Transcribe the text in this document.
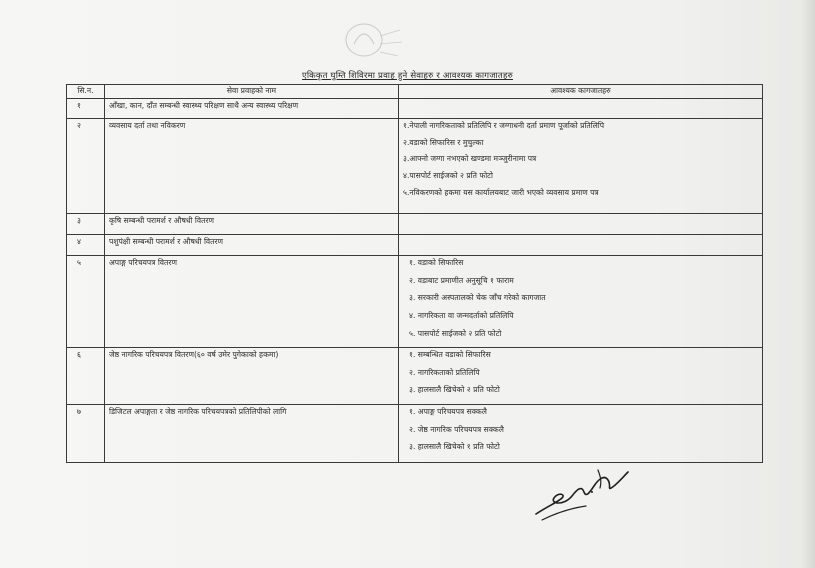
एकिकृत घुम्ति शिविरमा प्रवाह हुने सेवाहरु र आवश्यक कागजातहरु
सि.न.	सेवा प्रवाहको नाम	आवश्यक कागजातहरु
१	आँखा, कान, दाँत सम्बन्धी स्वास्थ्य परिक्षण साथै अन्य स्वास्थ्य परिक्षण	
२	व्यवसाय दर्ता तथा नविकरण	१.नेपाली नागरिकताको प्रतिलिपि र जग्गाधनी दर्ता प्रमाण पूर्जाको प्रतिलिपि
२.वडाको सिफारिस र मुचुल्का
३.आफ्नो जग्गा नभएको खण्डमा मञ्जुरीनामा पत्र
४.पासपोर्ट साईजको २ प्रति फोटो
५.नविकरणको हकमा यस कार्यालयबाट जारी भएको व्यवसाय प्रमाण पत्र

३	कृषि सम्बन्धी परामर्श र औषधी वितरण	
४	पशुपंक्षी सम्बन्धी परामर्श र औषधी वितरण	
५	अपाङ्ग परिचयपत्र वितरण	१. वडाको सिफारिस
२. वडाबाट प्रमाणीत अनुसूचि १ फाराम
३. सरकारी अस्पतालको चेक जाँच गरेको कागजात
४. नागरिकता वा जन्मदर्ताको प्रतिलिपि
५. पासपोर्ट साईजको २ प्रति फोटो

६	जेष्ठ नागरिक परिचयपत्र वितरण(६० वर्ष उमेर पुगेकाको हकमा)	१. सम्बन्धित वडाको सिफारिस
२. नागरिकताको प्रतिलिपि
३. हालसालै खिचेको २ प्रति फोटो

७	डिजिटल अपाङ्गता र जेष्ठ नागरिक परिचयपत्रको प्रतिलिपीको लागि	१. अपाङ्ग परिचयपत्र सक्कलै
२. जेष्ठ नागरिक परिचयपत्र सक्कलै
३. हालसालै खिचेको १ प्रति फोटो
